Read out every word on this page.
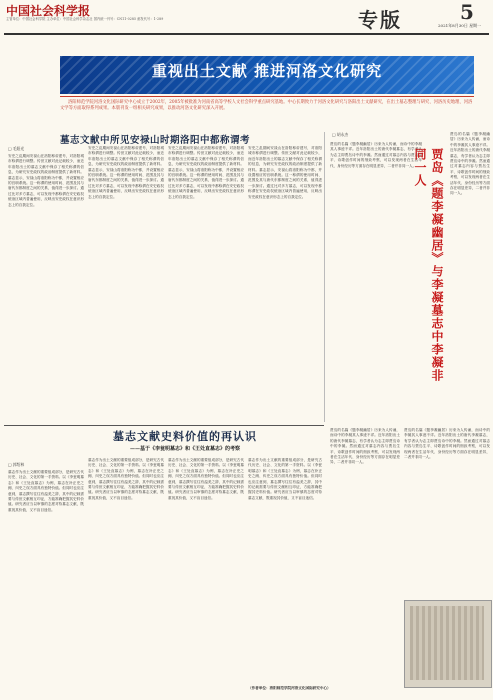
中国社会科学报
主管单位：中国社会科学院 主办单位：中国社会科学杂志社 国内统一刊号：CN11-0285 邮发代号：1-289	专版	5
2021年8月30日 星期一
重视出土文献 推进河洛文化研究
洛阳师范学院河洛文化国际研究中心成立于2002年，2005年被批准为河南省高等学校人文社会科学重点研究基地。中心长期致力于河洛文化研究与洛阳出土文献研究，在出土墓志整理与研究、河洛历史地理、河洛文学等方面取得系列成果。本版刊发一组相关研究成果，以推动河洛文化研究深入开展。
墓志文献中所见安禄山时期洛阳中都称谓考
□ 毛阳光
安史之乱期间安禄山在洛阳称帝建号，对洛阳城市称谓进行调整。传世文献对此记载较少，而近年洛阳出土的墓志文献中保存了相关称谓的信息，为研究安史政权的政治制度提供了新材料。墓志显示，安禄山将洛阳称为中都，并设置相应的官职系统。这一称谓的使用时间、范围及其与唐代东都制度之间的关系，值得进一步探讨。通过比对多方墓志，可以发现中都称谓在安史政权统治区域内普遍使用，反映出安史政权在意识形态上的自我定位。
安史之乱期间安禄山在洛阳称帝建号，对洛阳城市称谓进行调整。传世文献对此记载较少，而近年洛阳出土的墓志文献中保存了相关称谓的信息，为研究安史政权的政治制度提供了新材料。墓志显示，安禄山将洛阳称为中都，并设置相应的官职系统。这一称谓的使用时间、范围及其与唐代东都制度之间的关系，值得进一步探讨。通过比对多方墓志，可以发现中都称谓在安史政权统治区域内普遍使用，反映出安史政权在意识形态上的自我定位。
安史之乱期间安禄山在洛阳称帝建号，对洛阳城市称谓进行调整。传世文献对此记载较少，而近年洛阳出土的墓志文献中保存了相关称谓的信息，为研究安史政权的政治制度提供了新材料。墓志显示，安禄山将洛阳称为中都，并设置相应的官职系统。这一称谓的使用时间、范围及其与唐代东都制度之间的关系，值得进一步探讨。通过比对多方墓志，可以发现中都称谓在安史政权统治区域内普遍使用，反映出安史政权在意识形态上的自我定位。
安史之乱期间安禄山在洛阳称帝建号，对洛阳城市称谓进行调整。传世文献对此记载较少，而近年洛阳出土的墓志文献中保存了相关称谓的信息，为研究安史政权的政治制度提供了新材料。墓志显示，安禄山将洛阳称为中都，并设置相应的官职系统。这一称谓的使用时间、范围及其与唐代东都制度之间的关系，值得进一步探讨。通过比对多方墓志，可以发现中都称谓在安史政权统治区域内普遍使用，反映出安史政权在意识形态上的自我定位。
□ 胡永杰
贾岛的名篇《题李凝幽居》历来为人传诵，而诗中的李凝其人事迹不详。近年洛阳出土的唐代李凝墓志，有学者认为志主即贾岛诗中的李凝。然而通过对墓志内容与贾岛生平、诗歌创作时间的细致考察，可以发现两者在生活年代、身份经历等方面存在明显差异，二者并非同一人。	贾岛《题李凝幽居》与李凝墓志中李凝非同一人
贾岛的名篇《题李凝幽居》历来为人传诵，而诗中的李凝其人事迹不详。近年洛阳出土的唐代李凝墓志，有学者认为志主即贾岛诗中的李凝。然而通过对墓志内容与贾岛生平、诗歌创作时间的细致考察，可以发现两者在生活年代、身份经历等方面存在明显差异，二者并非同一人。
墓志文献史料价值的再认识
——基于《李瓮明墓志》和《王处直墓志》的考察
□ 郭绍林
墓志作为出土文献的重要组成部分，是研究古代历史、社会、文化的第一手资料。以《李瓮明墓志》和《王处直墓志》为例，墓志在补正史之阙、纠史之误方面具有独特价值。但同时也应注意到，墓志撰写往往有溢美之辞，其中的记载需要与传世文献相互印证，方能准确把握其史料价值。研究者应当以审慎的态度对待墓志文献，既重视其价值，又不盲目迷信。
墓志作为出土文献的重要组成部分，是研究古代历史、社会、文化的第一手资料。以《李瓮明墓志》和《王处直墓志》为例，墓志在补正史之阙、纠史之误方面具有独特价值。但同时也应注意到，墓志撰写往往有溢美之辞，其中的记载需要与传世文献相互印证，方能准确把握其史料价值。研究者应当以审慎的态度对待墓志文献，既重视其价值，又不盲目迷信。
墓志作为出土文献的重要组成部分，是研究古代历史、社会、文化的第一手资料。以《李瓮明墓志》和《王处直墓志》为例，墓志在补正史之阙、纠史之误方面具有独特价值。但同时也应注意到，墓志撰写往往有溢美之辞，其中的记载需要与传世文献相互印证，方能准确把握其史料价值。研究者应当以审慎的态度对待墓志文献，既重视其价值，又不盲目迷信。
墓志作为出土文献的重要组成部分，是研究古代历史、社会、文化的第一手资料。以《李瓮明墓志》和《王处直墓志》为例，墓志在补正史之阙、纠史之误方面具有独特价值。但同时也应注意到，墓志撰写往往有溢美之辞，其中的记载需要与传世文献相互印证，方能准确把握其史料价值。研究者应当以审慎的态度对待墓志文献，既重视其价值，又不盲目迷信。
贾岛的名篇《题李凝幽居》历来为人传诵，而诗中的李凝其人事迹不详。近年洛阳出土的唐代李凝墓志，有学者认为志主即贾岛诗中的李凝。然而通过对墓志内容与贾岛生平、诗歌创作时间的细致考察，可以发现两者在生活年代、身份经历等方面存在明显差异，二者并非同一人。
贾岛的名篇《题李凝幽居》历来为人传诵，而诗中的李凝其人事迹不详。近年洛阳出土的唐代李凝墓志，有学者认为志主即贾岛诗中的李凝。然而通过对墓志内容与贾岛生平、诗歌创作时间的细致考察，可以发现两者在生活年代、身份经历等方面存在明显差异，二者并非同一人。
（作者单位：洛阳师范学院河洛文化国际研究中心）
